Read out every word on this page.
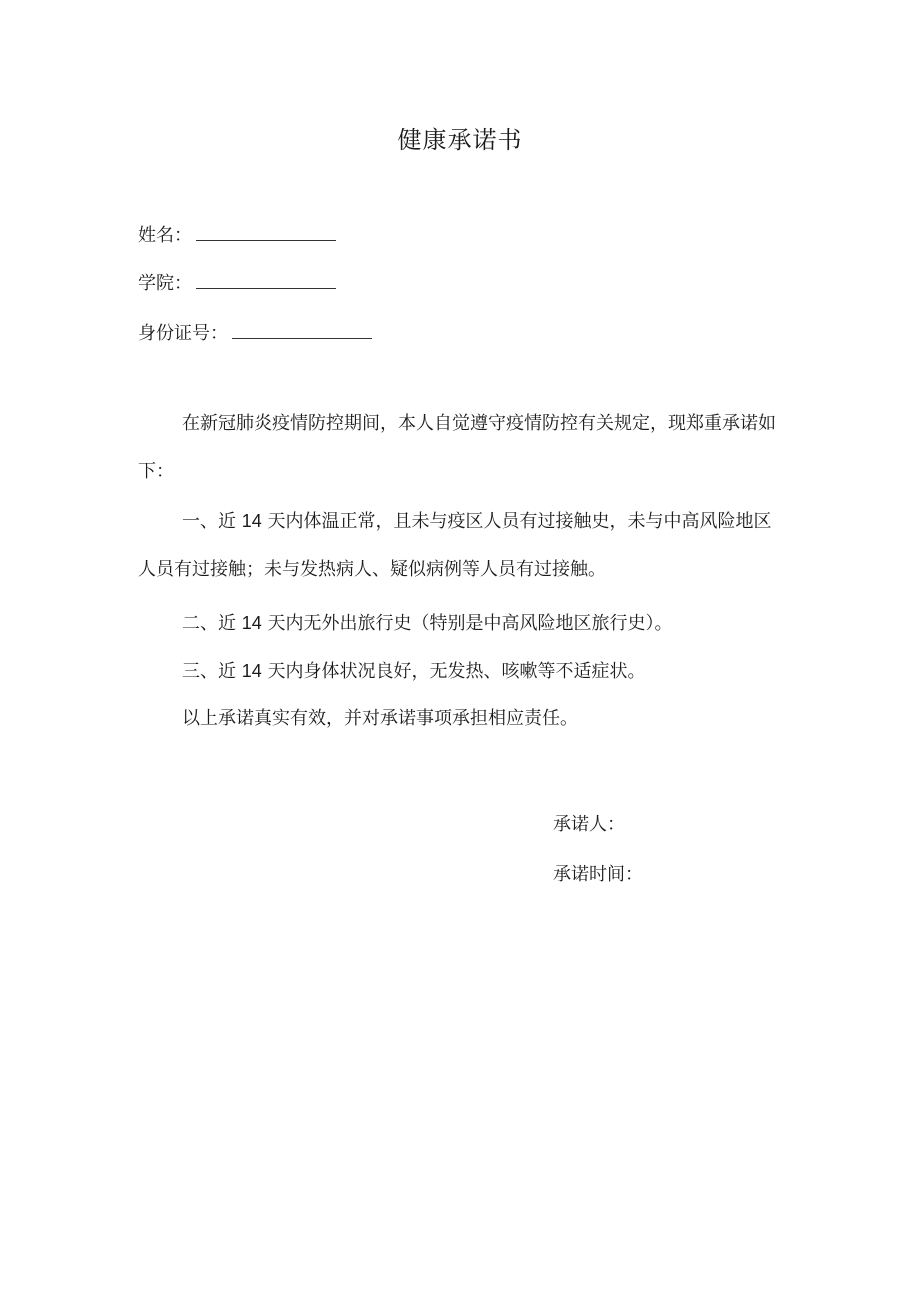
健康承诺书
姓名：
学院：
身份证号：

在新冠肺炎疫情防控期间，本人自觉遵守疫情防控有关规定，现郑重承诺如下：

一、近 14 天内体温正常，且未与疫区人员有过接触史，未与中高风险地区人员有过接触；未与发热病人、疑似病例等人员有过接触。

二、近 14 天内无外出旅行史（特别是中高风险地区旅行史）。

三、近 14 天内身体状况良好，无发热、咳嗽等不适症状。

以上承诺真实有效，并对承诺事项承担相应责任。

承诺人：
承诺时间：
